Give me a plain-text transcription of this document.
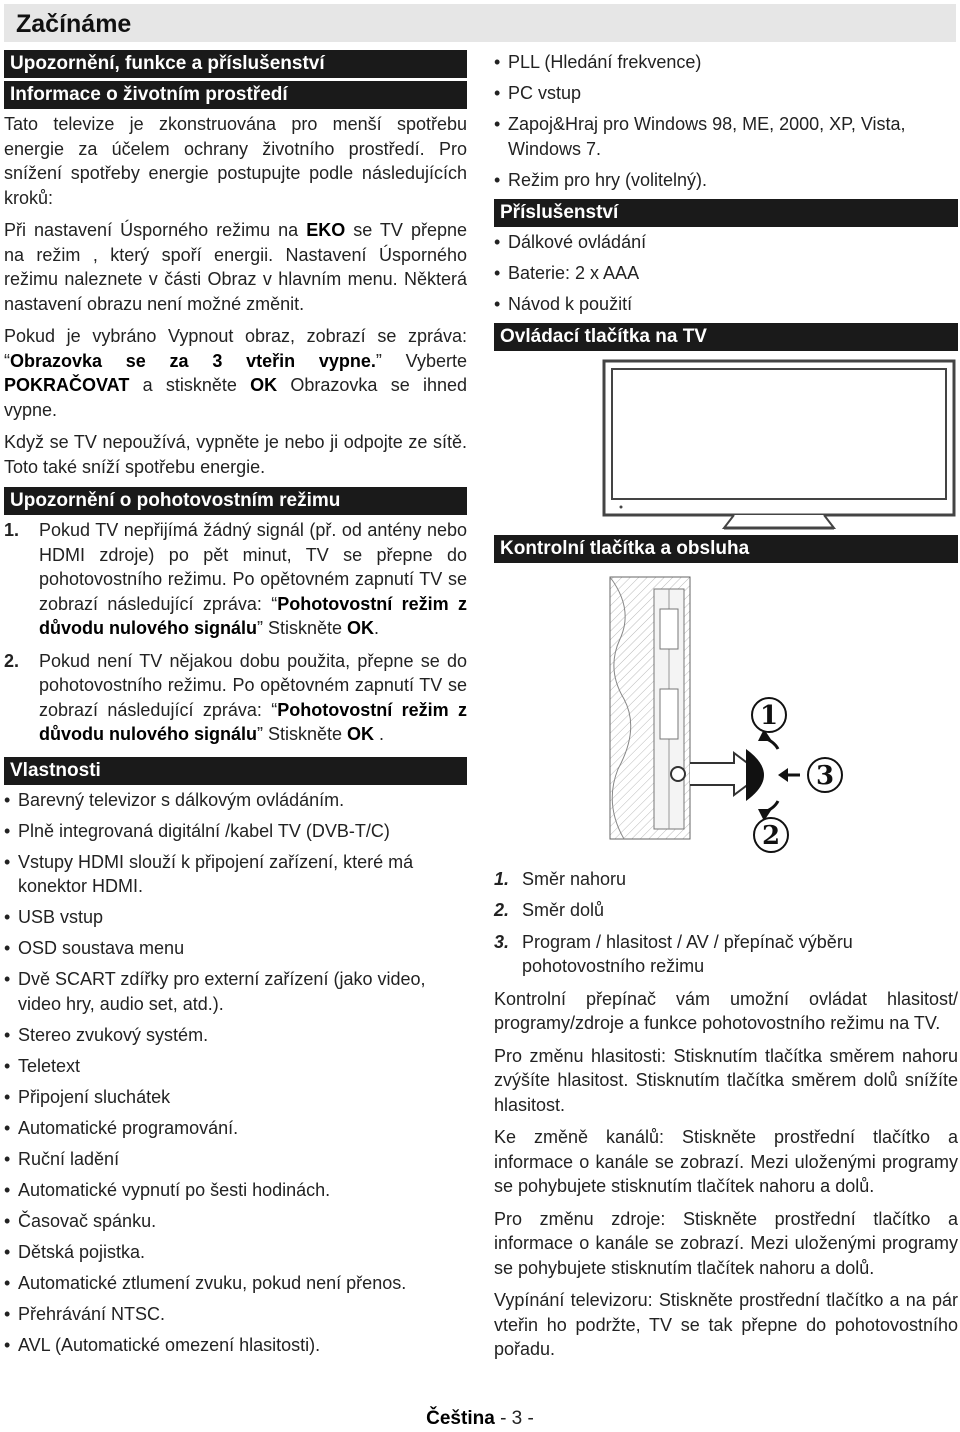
Začínáme
Upozornění, funkce a příslušenství
Informace o životním prostředí

Tato televize je zkonstruována pro menší spotřebu energie za účelem ochrany životního prostředí. Pro snížení spotřeby energie postupujte podle následujících kroků:

Při nastavení Úsporného režimu na EKO se TV přepne na režim , který spoří energii. Nastavení Úsporného režimu naleznete v části Obraz v hlavním menu. Některá nastavení obrazu není možné změnit.

Pokud je vybráno Vypnout obraz, zobrazí se zpráva: “Obrazovka se za 3 vteřin vypne.” Vyberte POKRAČOVAT a stiskněte OK Obrazovka se ihned vypne.

Když se TV nepoužívá, vypněte je nebo ji odpojte ze sítě. Toto také sníží spotřebu energie.

Upozornění o pohotovostním režimu
1. Pokud TV nepřijímá žádný signál (př. od antény nebo HDMI zdroje) po pět minut, TV se přepne do pohotovostního režimu. Po opětovném zapnutí TV se zobrazí následující zpráva: “Pohotovostní režim z důvodu nulového signálu” Stiskněte OK.
2. Pokud není TV nějakou dobu použita, přepne se do pohotovostního režimu. Po opětovném zapnutí TV se zobrazí následující zpráva: “Pohotovostní režim z důvodu nulového signálu” Stiskněte OK .
Vlastnosti
• Barevný televizor s dálkovým ovládáním.
• Plně integrovaná digitální /kabel TV (DVB-T/C)
• Vstupy HDMI slouží k připojení zařízení, které má konektor HDMI.
• USB vstup
• OSD soustava menu
• Dvě SCART zdířky pro externí zařízení (jako video, video hry, audio set, atd.).
• Stereo zvukový systém.
• Teletext
• Připojení sluchátek
• Automatické programování.
• Ruční ladění
• Automatické vypnutí po šesti hodinách.
• Časovač spánku.
• Dětská pojistka.
• Automatické ztlumení zvuku, pokud není přenos.
• Přehrávání NTSC.
• AVL (Automatické omezení hlasitosti).
• PLL (Hledání frekvence)
• PC vstup
• Zapoj&Hraj pro Windows 98, ME, 2000, XP, Vista, Windows 7.
• Režim pro hry (volitelný).
Příslušenství
• Dálkové ovládání
• Baterie: 2 x AAA
• Návod k použití
Ovládací tlačítka na TV
Kontrolní tlačítka a obsluha
1
2
3
1. Směr nahoru
2. Směr dolů
3. Program / hlasitost / AV / přepínač výběru pohotovostního režimu

Kontrolní přepínač vám umožní ovládat hlasitost/ programy/zdroje a funkce pohotovostního režimu na TV.

Pro změnu hlasitosti: Stisknutím tlačítka směrem nahoru zvýšíte hlasitost. Stisknutím tlačítka směrem dolů snížíte hlasitost.

Ke změně kanálů: Stiskněte prostřední tlačítko a informace o kanále se zobrazí. Mezi uloženými programy se pohybujete stisknutím tlačítek nahoru a dolů.

Pro změnu zdroje: Stiskněte prostřední tlačítko a informace o kanále se zobrazí. Mezi uloženými programy se pohybujete stisknutím tlačítek nahoru a dolů.

Vypínání televizoru: Stiskněte prostřední tlačítko a na pár vteřin ho podržte, TV se tak přepne do pohotovostního pořadu.

Čeština - 3 -
